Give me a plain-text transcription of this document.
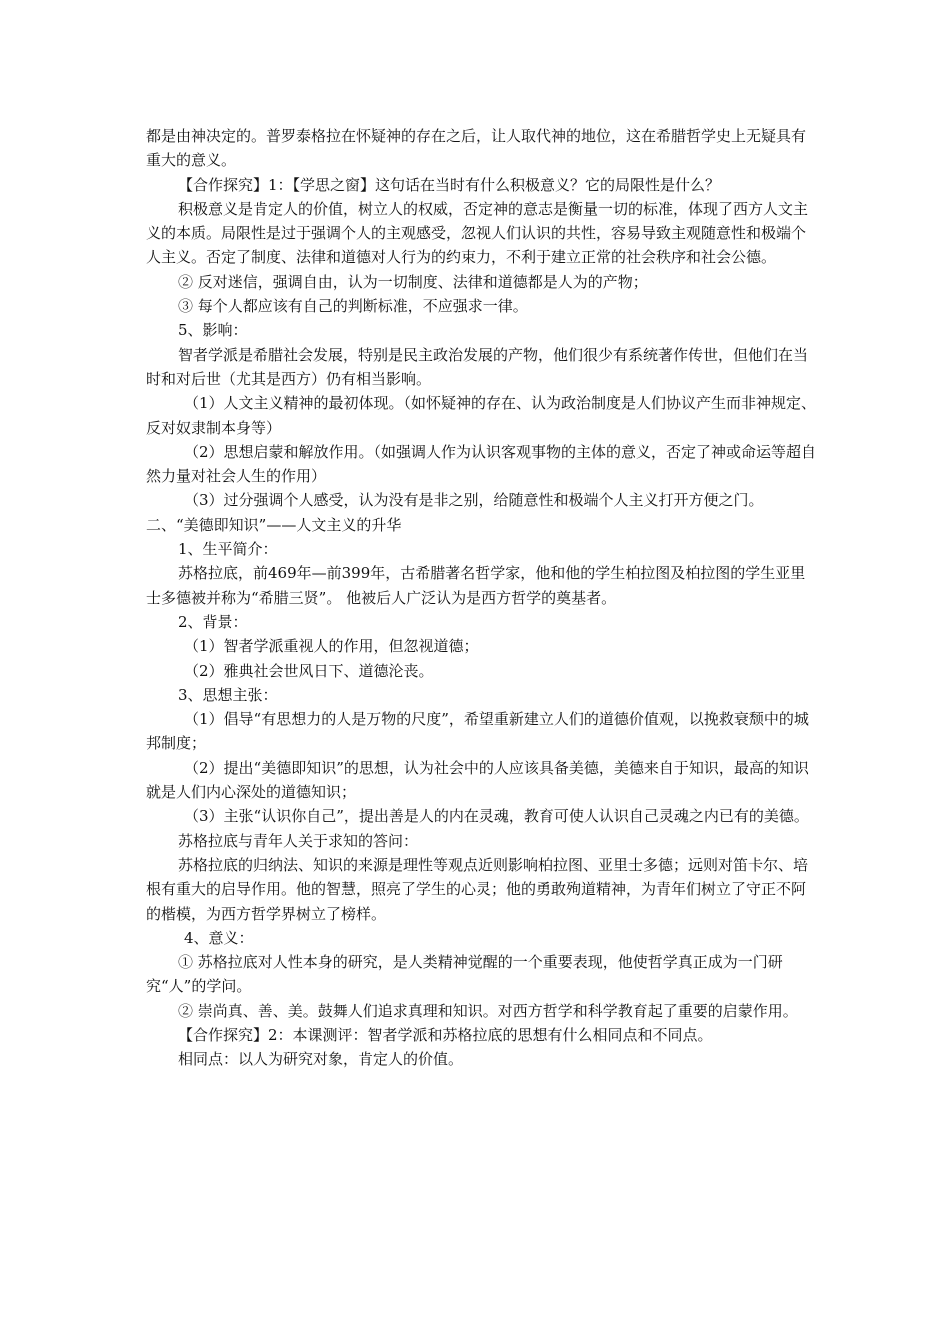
都是由神决定的。普罗泰格拉在怀疑神的存在之后，让人取代神的地位，这在希腊哲学史上无疑具有重大的意义。

【合作探究】1：【学思之窗】这句话在当时有什么积极意义？它的局限性是什么？

积极意义是肯定人的价值，树立人的权威，否定神的意志是衡量一切的标准，体现了西方人文主义的本质。局限性是过于强调个人的主观感受，忽视人们认识的共性，容易导致主观随意性和极端个人主义。否定了制度、法律和道德对人行为的约束力，不利于建立正常的社会秩序和社会公德。

② 反对迷信，强调自由，认为一切制度、法律和道德都是人为的产物；

③ 每个人都应该有自己的判断标准，不应强求一律。

5、影响：

智者学派是希腊社会发展，特别是民主政治发展的产物，他们很少有系统著作传世，但他们在当时和对后世（尤其是西方）仍有相当影响。

（1）人文主义精神的最初体现。（如怀疑神的存在、认为政治制度是人们协议产生而非神规定、反对奴隶制本身等）

（2）思想启蒙和解放作用。（如强调人作为认识客观事物的主体的意义，否定了神或命运等超自然力量对社会人生的作用）

（3）过分强调个人感受，认为没有是非之别，给随意性和极端个人主义打开方便之门。

二、“美德即知识”——人文主义的升华

1、生平简介：

苏格拉底，前469年—前399年，古希腊著名哲学家，他和他的学生柏拉图及柏拉图的学生亚里士多德被并称为“希腊三贤”。 他被后人广泛认为是西方哲学的奠基者。

2、背景：

（1）智者学派重视人的作用，但忽视道德；

（2）雅典社会世风日下、道德沦丧。

3、思想主张：

（1）倡导“有思想力的人是万物的尺度”，希望重新建立人们的道德价值观，以挽救衰颓中的城邦制度；

（2）提出“美德即知识”的思想，认为社会中的人应该具备美德，美德来自于知识，最高的知识就是人们内心深处的道德知识；

（3）主张“认识你自己”，提出善是人的内在灵魂，教育可使人认识自己灵魂之内已有的美德。

苏格拉底与青年人关于求知的答问：

苏格拉底的归纳法、知识的来源是理性等观点近则影响柏拉图、亚里士多德；远则对笛卡尔、培根有重大的启导作用。他的智慧，照亮了学生的心灵；他的勇敢殉道精神，为青年们树立了守正不阿的楷模，为西方哲学界树立了榜样。

4、意义：

① 苏格拉底对人性本身的研究，是人类精神觉醒的一个重要表现，他使哲学真正成为一门研究“人”的学问。

② 崇尚真、善、美。鼓舞人们追求真理和知识。对西方哲学和科学教育起了重要的启蒙作用。

【合作探究】2：本课测评：智者学派和苏格拉底的思想有什么相同点和不同点。

相同点：以人为研究对象，肯定人的价值。
